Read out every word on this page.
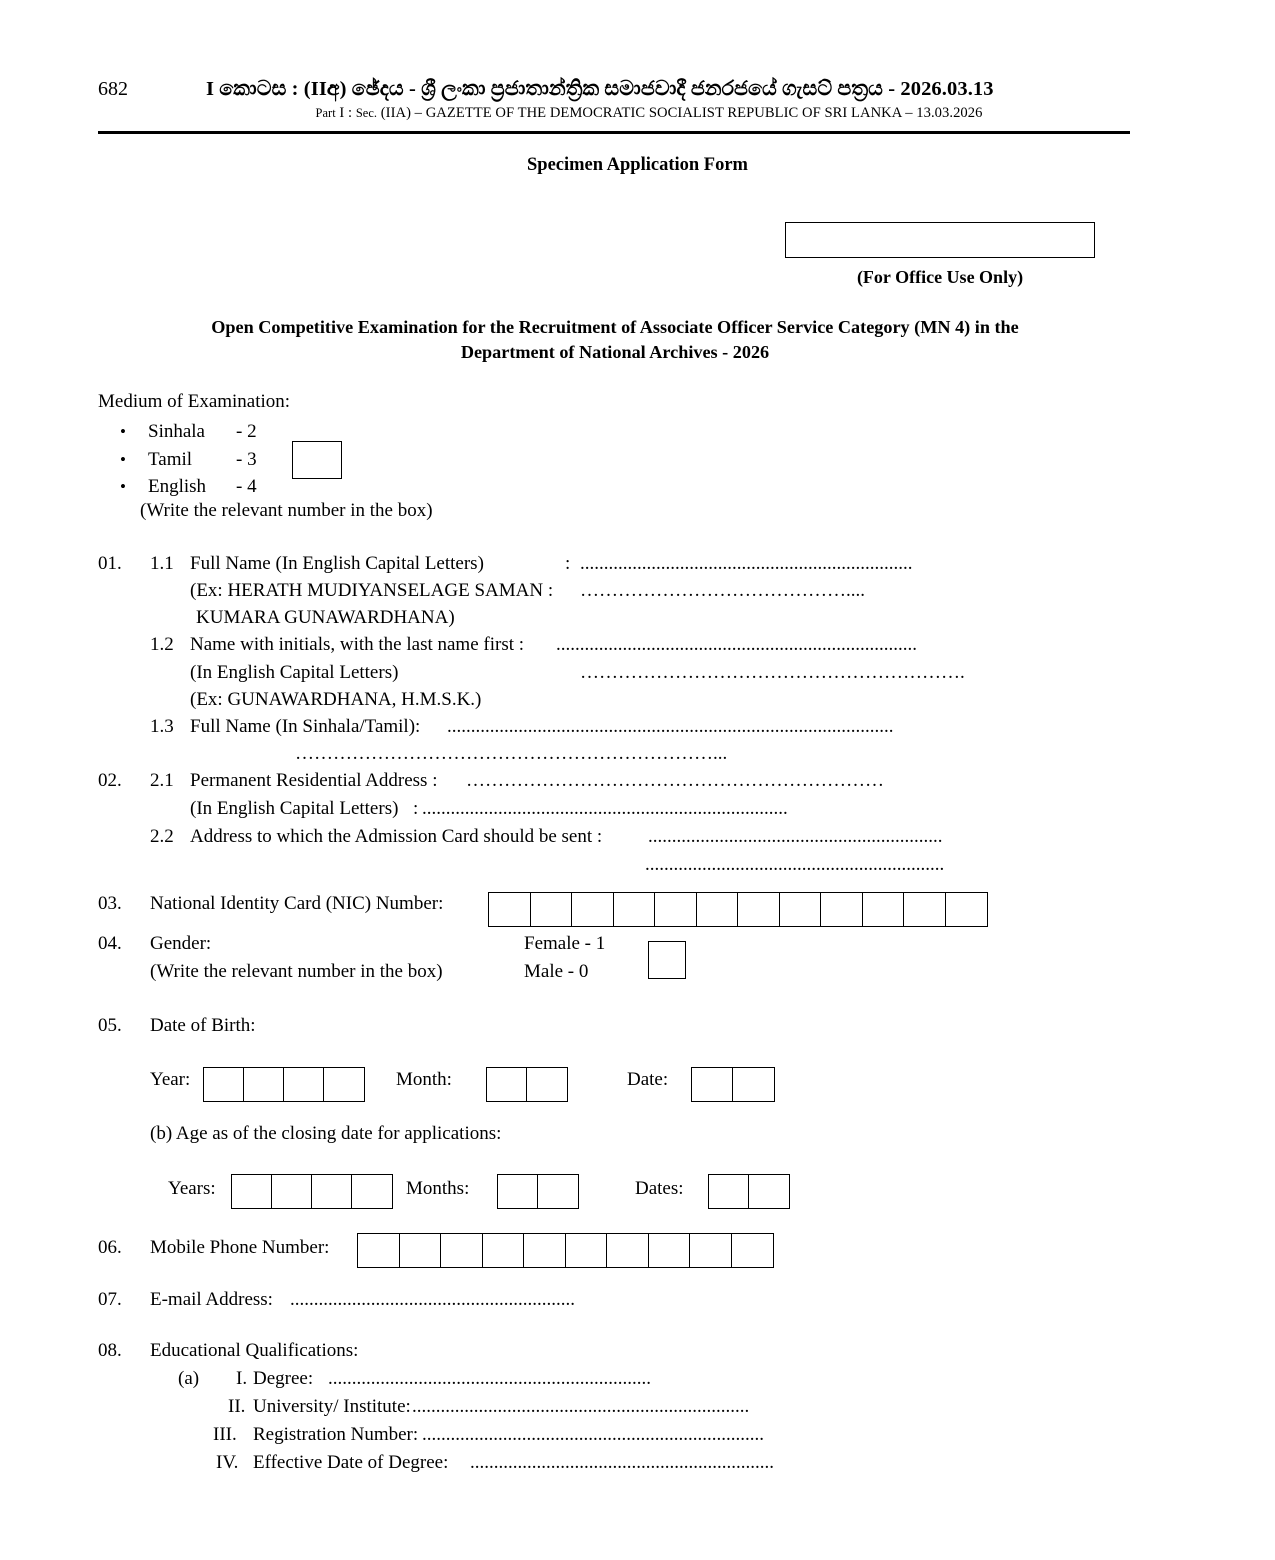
682	I කොටස : (IIඅ) ඡේදය - ශ්‍රී ලංකා ප්‍රජාතාන්ත්‍රික සමාජවාදී ජනරජයේ ගැසට් පත්‍රය - 2026.03.13
Part I : Sec. (IIA) – GAZETTE OF THE DEMOCRATIC SOCIALIST REPUBLIC OF SRI LANKA – 13.03.2026
Specimen Application Form
(For Office Use Only)
Open Competitive Examination for the Recruitment of Associate Officer Service Category (MN 4) in the
Department of National Archives - 2026
Medium of Examination:
•	Sinhala	- 2
•	Tamil	- 3
•	English	- 4
(Write the relevant number in the box)
01. 1.1 Full Name (In English Capital Letters)	: ......................................................................
(Ex: HERATH MUDIYANSELAGE SAMAN : ……………………………………....
KUMARA GUNAWARDHANA)
1.2 Name with initials, with the last name first : ............................................................................
(In English Capital Letters)	…………………………………………………….
(Ex: GUNAWARDHANA, H.M.S.K.)
1.3 Full Name (In Sinhala/Tamil): ..............................................................................................
…………………………………………………………...
02. 2.1 Permanent Residential Address : …………………………………………………………
(In English Capital Letters) : .............................................................................
2.2 Address to which the Admission Card should be sent : ..............................................................
...............................................................
03. National Identity Card (NIC) Number:
04. Gender:
(Write the relevant number in the box)
Female - 1
Male - 0
05. Date of Birth:
Year:	Month:	Date:
(b) Age as of the closing date for applications:
Years:	Months:	Dates:
06. Mobile Phone Number:
07. E-mail Address: ............................................................
08. Educational Qualifications:
(a) I. Degree: ....................................................................
II. University/ Institute: .......................................................................
III. Registration Number: ........................................................................
IV. Effective Date of Degree: ................................................................
